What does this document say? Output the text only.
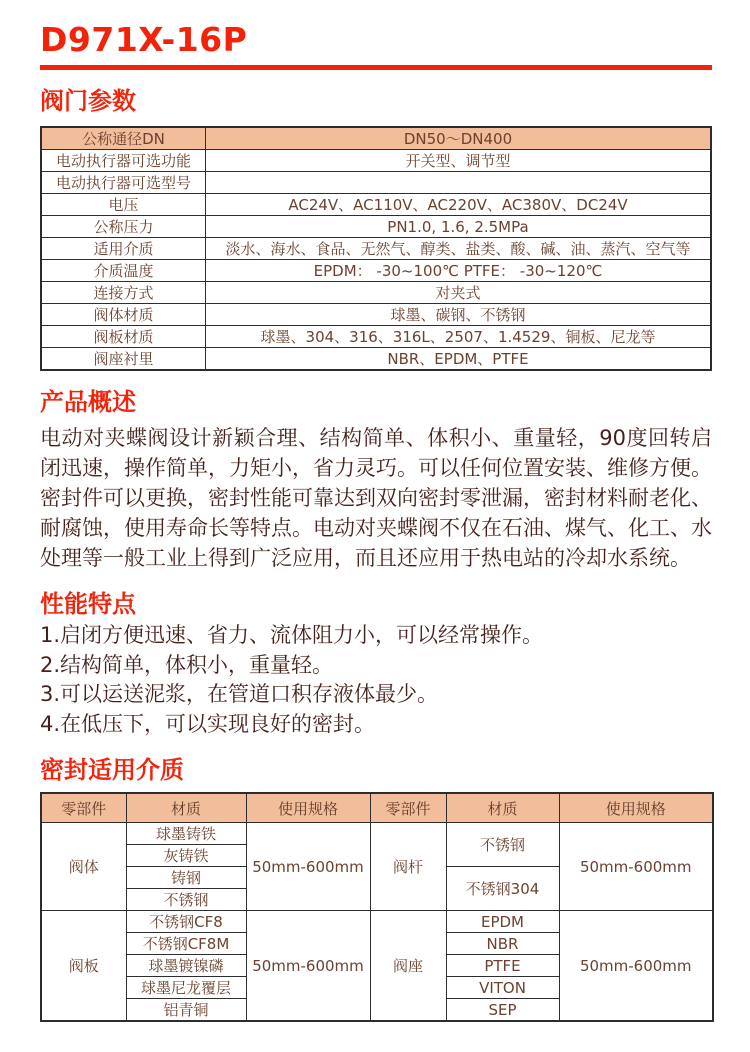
D971X-16P
阀门参数
公称通径DN	DN50～DN400
电动执行器可选功能	开关型、调节型
电动执行器可选型号	
电压	AC24V、AC110V、AC220V、AC380V、DC24V
公称压力	PN1.0, 1.6, 2.5MPa
适用介质	淡水、海水、食品、无然气、醇类、盐类、酸、碱、油、蒸汽、空气等
介质温度	EPDM： -30~100℃ PTFE： -30~120℃
连接方式	对夹式
阀体材质	球墨、碳钢、不锈钢
阀板材质	球墨、304、316、316L、2507、1.4529、铜板、尼龙等
阀座衬里	NBR、EPDM、PTFE
产品概述

电动对夹蝶阀设计新颖合理、结构简单、体积小、重量轻，90度回转启闭迅速，操作简单，力矩小，省力灵巧。可以任何位置安装、维修方便。密封件可以更换，密封性能可靠达到双向密封零泄漏，密封材料耐老化、耐腐蚀，使用寿命长等特点。电动对夹蝶阀不仅在石油、煤气、化工、水处理等一般工业上得到广泛应用，而且还应用于热电站的冷却水系统。

性能特点
1.启闭方便迅速、省力、流体阻力小，可以经常操作。
2.结构简单，体积小，重量轻。
3.可以运送泥浆，在管道口积存液体最少。
4.在低压下，可以实现良好的密封。
密封适用介质
零部件	材质	使用规格	零部件	材质	使用规格
阀体	球墨铸铁	50mm-600mm	阀杆	不锈钢	50mm-600mm
	灰铸铁				
	铸钢			不锈钢304	
	不锈钢				
阀板	不锈钢CF8	50mm-600mm	阀座	EPDM	50mm-600mm
	不锈钢CF8M			NBR	
	球墨镀镍磷			PTFE	
	球墨尼龙覆层			VITON	
	铝青铜			SEP	
